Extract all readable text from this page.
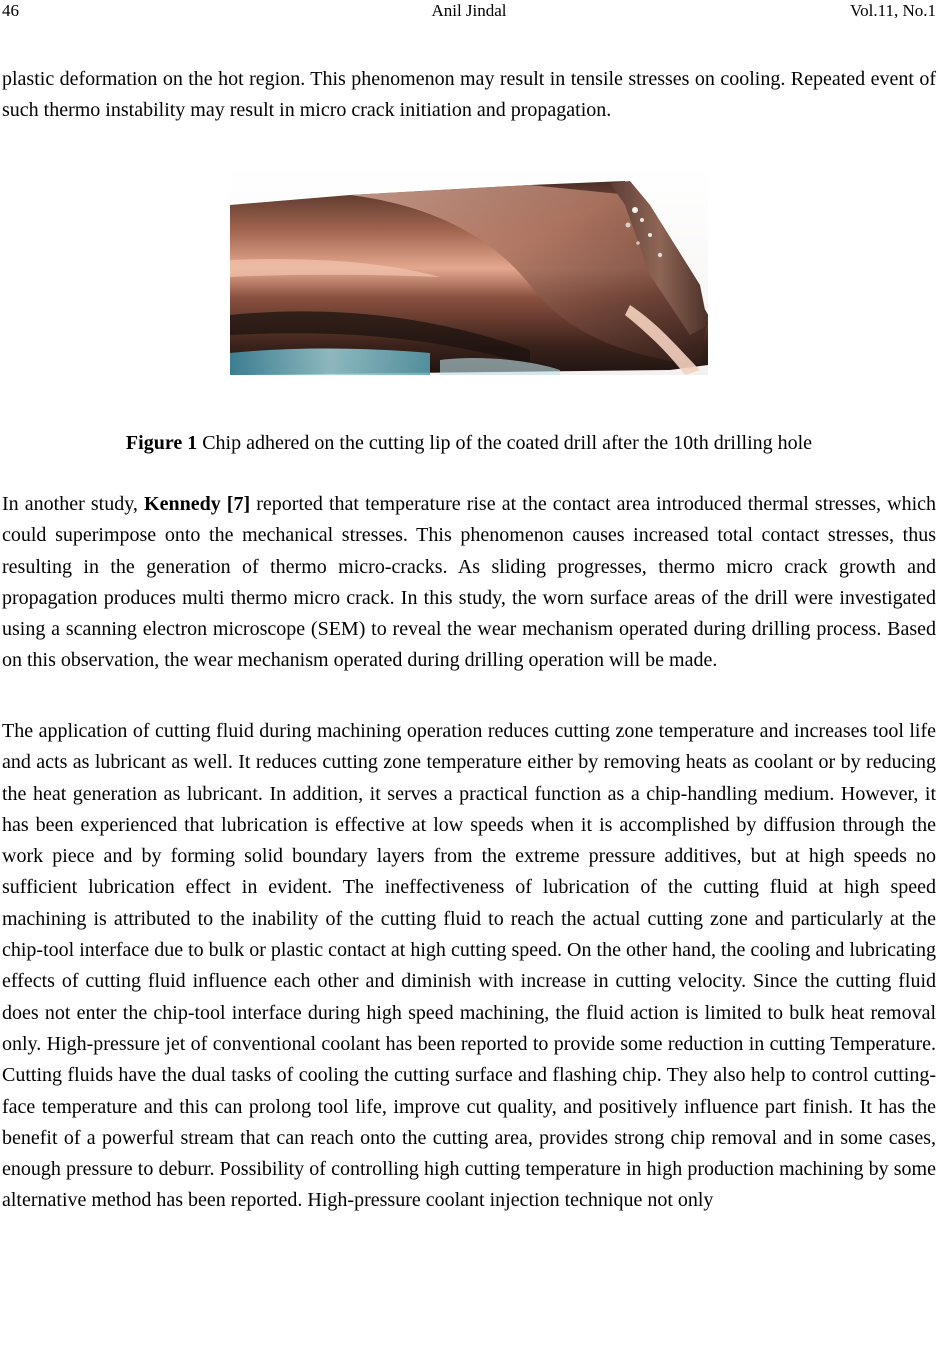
46	Anil Jindal	Vol.11, No.1

plastic deformation on the hot region. This phenomenon may result in tensile stresses on cooling. Repeated event of such thermo instability may result in micro crack initiation and propagation.

Figure 1 Chip adhered on the cutting lip of the coated drill after the 10th drilling hole

In another study, Kennedy [7] reported that temperature rise at the contact area introduced thermal stresses, which could superimpose onto the mechanical stresses. This phenomenon causes increased total contact stresses, thus resulting in the generation of thermo micro-cracks. As sliding progresses, thermo micro crack growth and propagation produces multi thermo micro crack. In this study, the worn surface areas of the drill were investigated using a scanning electron microscope (SEM) to reveal the wear mechanism operated during drilling process. Based on this observation, the wear mechanism operated during drilling operation will be made.

The application of cutting fluid during machining operation reduces cutting zone temperature and increases tool life and acts as lubricant as well. It reduces cutting zone temperature either by removing heats as coolant or by reducing the heat generation as lubricant. In addition, it serves a practical function as a chip-handling medium. However, it has been experienced that lubrication is effective at low speeds when it is accomplished by diffusion through the work piece and by forming solid boundary layers from the extreme pressure additives, but at high speeds no sufficient lubrication effect in evident. The ineffectiveness of lubrication of the cutting fluid at high speed machining is attributed to the inability of the cutting fluid to reach the actual cutting zone and particularly at the chip-tool interface due to bulk or plastic contact at high cutting speed. On the other hand, the cooling and lubricating effects of cutting fluid influence each other and diminish with increase in cutting velocity. Since the cutting fluid does not enter the chip-tool interface during high speed machining, the fluid action is limited to bulk heat removal only. High-pressure jet of conventional coolant has been reported to provide some reduction in cutting Temperature. Cutting fluids have the dual tasks of cooling the cutting surface and flashing chip. They also help to control cutting-face temperature and this can prolong tool life, improve cut quality, and positively influence part finish. It has the benefit of a powerful stream that can reach onto the cutting area, provides strong chip removal and in some cases, enough pressure to deburr. Possibility of controlling high cutting temperature in high production machining by some alternative method has been reported. High-pressure coolant injection technique not only
